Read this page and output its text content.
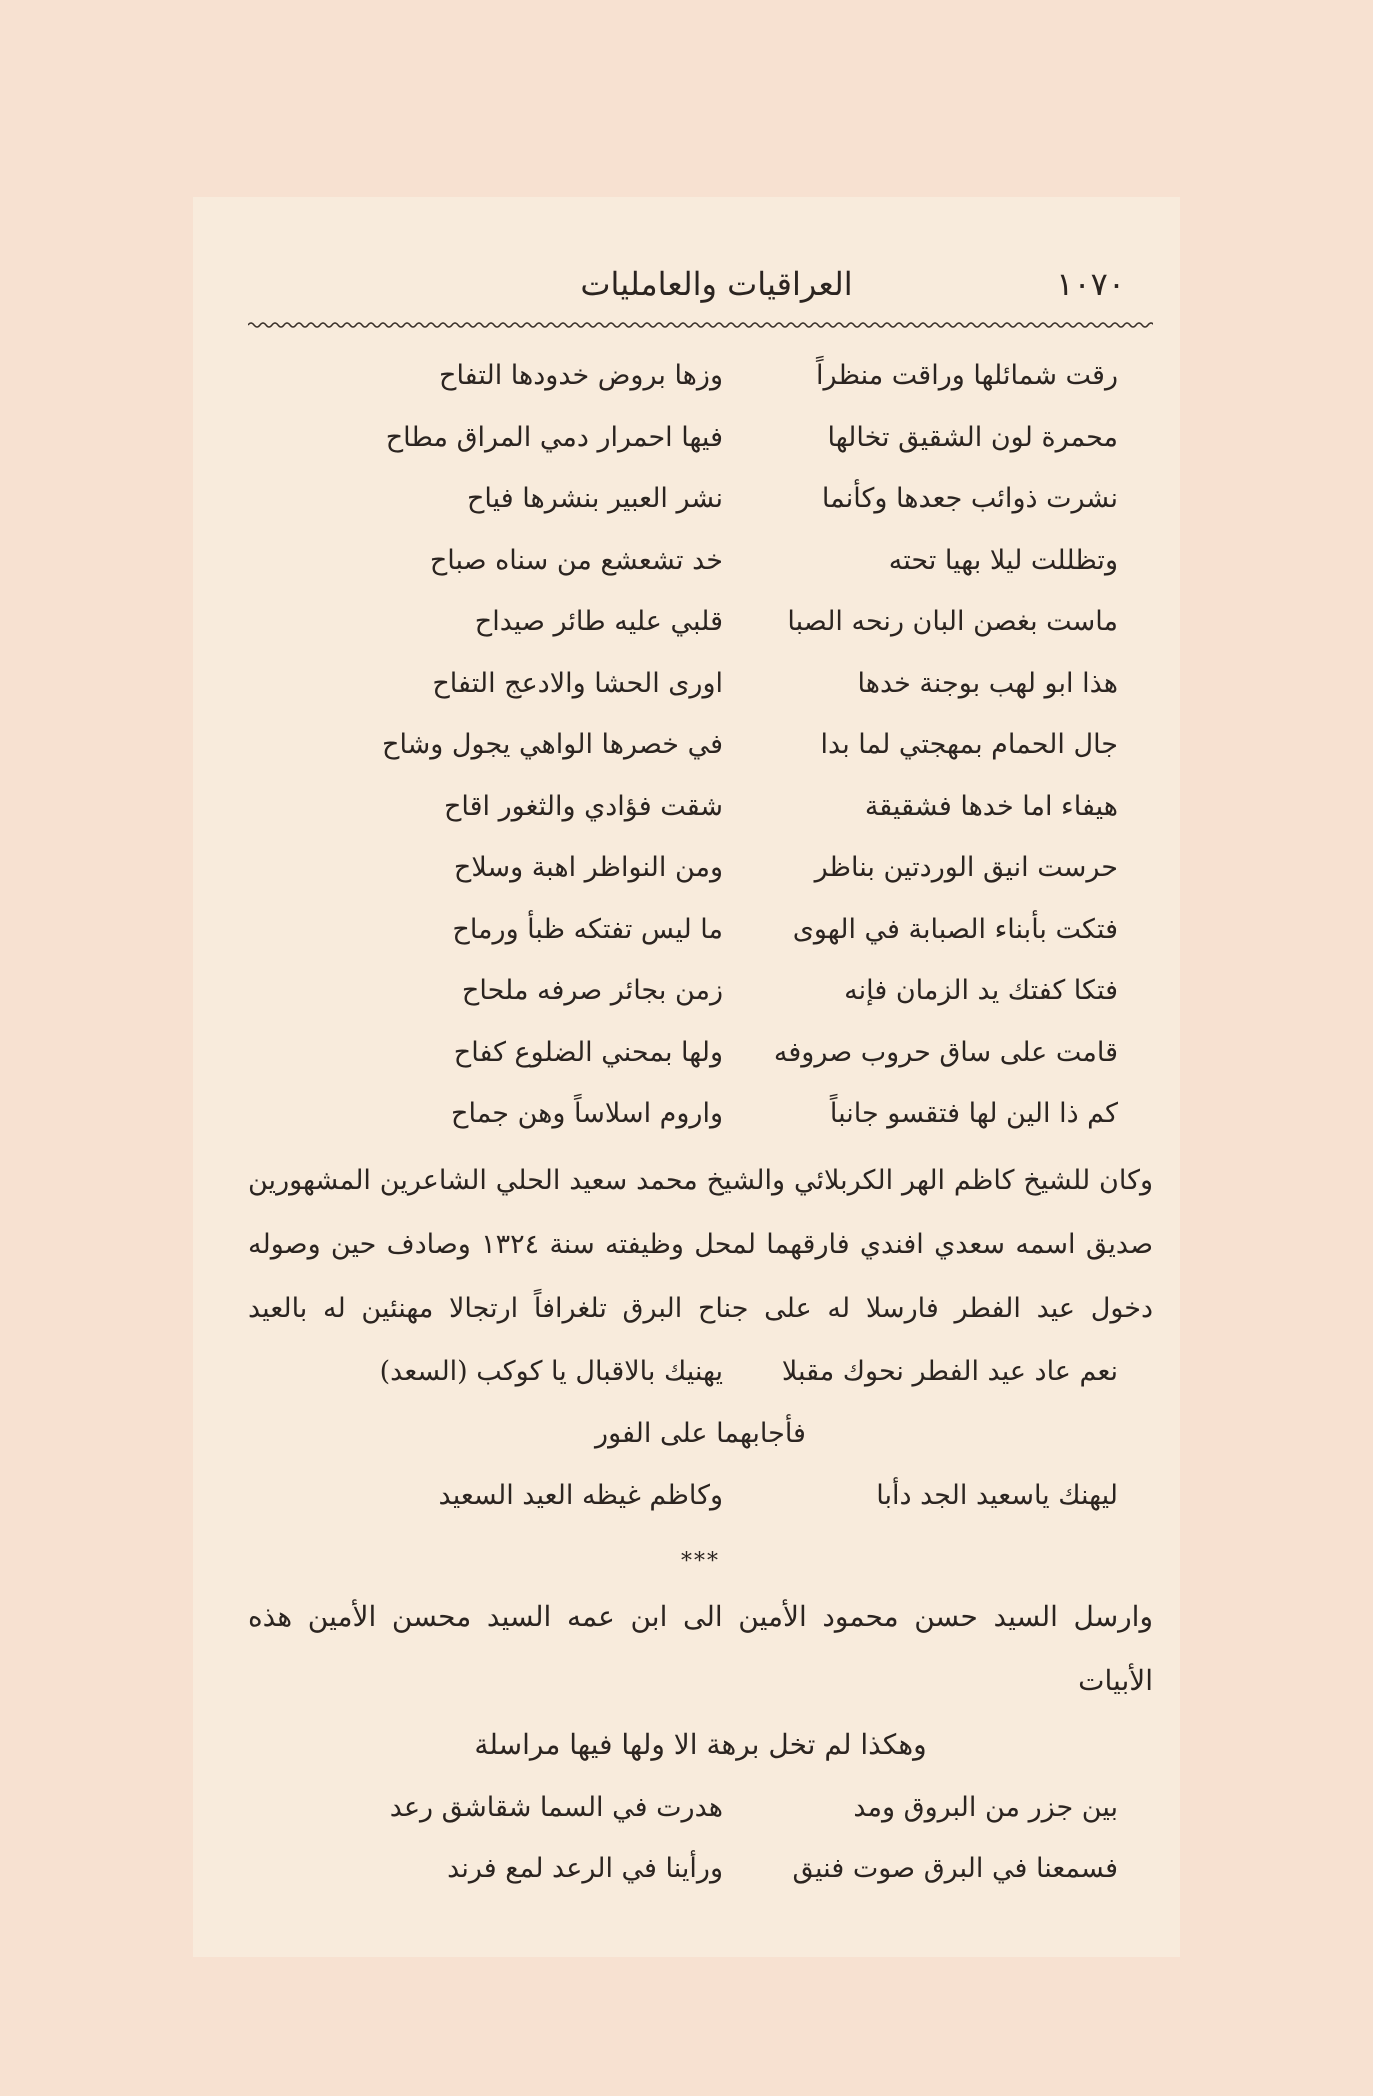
١٠٧٠
العراقيات والعامليات
رقت شمائلها وراقت منظراً
وزها بروض خدودها التفاح
محمرة لون الشقيق تخالها
فيها احمرار دمي المراق مطاح
نشرت ذوائب جعدها وكأنما
نشر العبير بنشرها فياح
وتظللت ليلا بهيا تحته
خد تشعشع من سناه صباح
ماست بغصن البان رنحه الصبا
قلبي عليه طائر صيداح
هذا ابو لهب بوجنة خدها
اورى الحشا والادعج التفاح
جال الحمام بمهجتي لما بدا
في خصرها الواهي يجول وشاح
هيفاء اما خدها فشقيقة
شقت فؤادي والثغور اقاح
حرست انيق الوردتين بناظر
ومن النواظر اهبة وسلاح
فتكت بأبناء الصبابة في الهوى
ما ليس تفتكه ظبأ ورماح
فتكا كفتك يد الزمان فإنه
زمن بجائر صرفه ملحاح
قامت على ساق حروب صروفه
ولها بمحني الضلوع كفاح
كم ذا الين لها فتقسو جانباً
واروم اسلاساً وهن جماح
وكان للشيخ كاظم الهر الكربلائي والشيخ محمد سعيد الحلي الشاعرين المشهورين
صديق اسمه سعدي افندي فارقهما لمحل وظيفته سنة ١٣٢٤ وصادف حين وصوله
دخول عيد الفطر فارسلا له على جناح البرق تلغرافاً ارتجالا مهنئين له بالعيد
نعم عاد عيد الفطر نحوك مقبلا
يهنيك بالاقبال يا كوكب (السعد)
فأجابهما على الفور
ليهنك ياسعيد الجد دأبا
وكاظم غيظه العيد السعيد
***
وارسل السيد حسن محمود الأمين الى ابن عمه السيد محسن الأمين هذه الأبيات
وهكذا لم تخل برهة الا ولها فيها مراسلة
بين جزر من البروق ومد
هدرت في السما شقاشق رعد
فسمعنا في البرق صوت فنيق
ورأينا في الرعد لمع فرند
